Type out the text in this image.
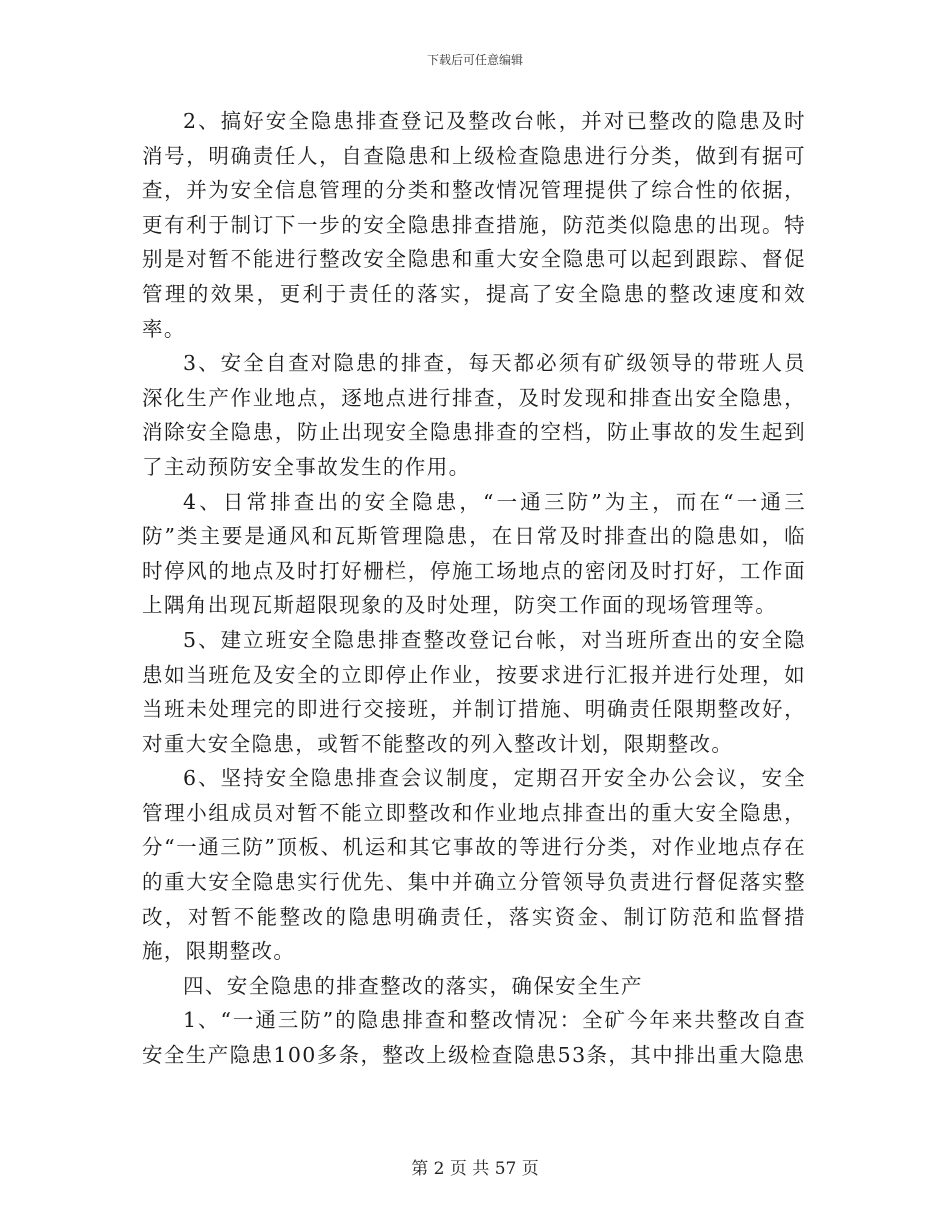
下载后可任意编辑

2、搞好安全隐患排查登记及整改台帐，并对已整改的隐患及时消号，明确责任人，自查隐患和上级检查隐患进行分类，做到有据可查，并为安全信息管理的分类和整改情况管理提供了综合性的依据，更有利于制订下一步的安全隐患排查措施，防范类似隐患的出现。特别是对暂不能进行整改安全隐患和重大安全隐患可以起到跟踪、督促管理的效果，更利于责任的落实，提高了安全隐患的整改速度和效率。

3、安全自查对隐患的排查，每天都必须有矿级领导的带班人员深化生产作业地点，逐地点进行排查，及时发现和排查出安全隐患，消除安全隐患，防止出现安全隐患排查的空档，防止事故的发生起到了主动预防安全事故发生的作用。

4、日常排查出的安全隐患，“一通三防”为主，而在“一通三防”类主要是通风和瓦斯管理隐患，在日常及时排查出的隐患如，临时停风的地点及时打好栅栏，停施工场地点的密闭及时打好，工作面上隅角出现瓦斯超限现象的及时处理，防突工作面的现场管理等。

5、建立班安全隐患排查整改登记台帐，对当班所查出的安全隐患如当班危及安全的立即停止作业，按要求进行汇报并进行处理，如当班未处理完的即进行交接班，并制订措施、明确责任限期整改好，对重大安全隐患，或暂不能整改的列入整改计划，限期整改。

6、坚持安全隐患排查会议制度，定期召开安全办公会议，安全管理小组成员对暂不能立即整改和作业地点排查出的重大安全隐患，分“一通三防”顶板、机运和其它事故的等进行分类，对作业地点存在的重大安全隐患实行优先、集中并确立分管领导负责进行督促落实整改，对暂不能整改的隐患明确责任，落实资金、制订防范和监督措施，限期整改。

四、安全隐患的排查整改的落实，确保安全生产

1、“一通三防”的隐患排查和整改情况：全矿今年来共整改自查安全生产隐患100多条，整改上级检查隐患53条，其中排出重大隐患

第 2 页 共 57 页
